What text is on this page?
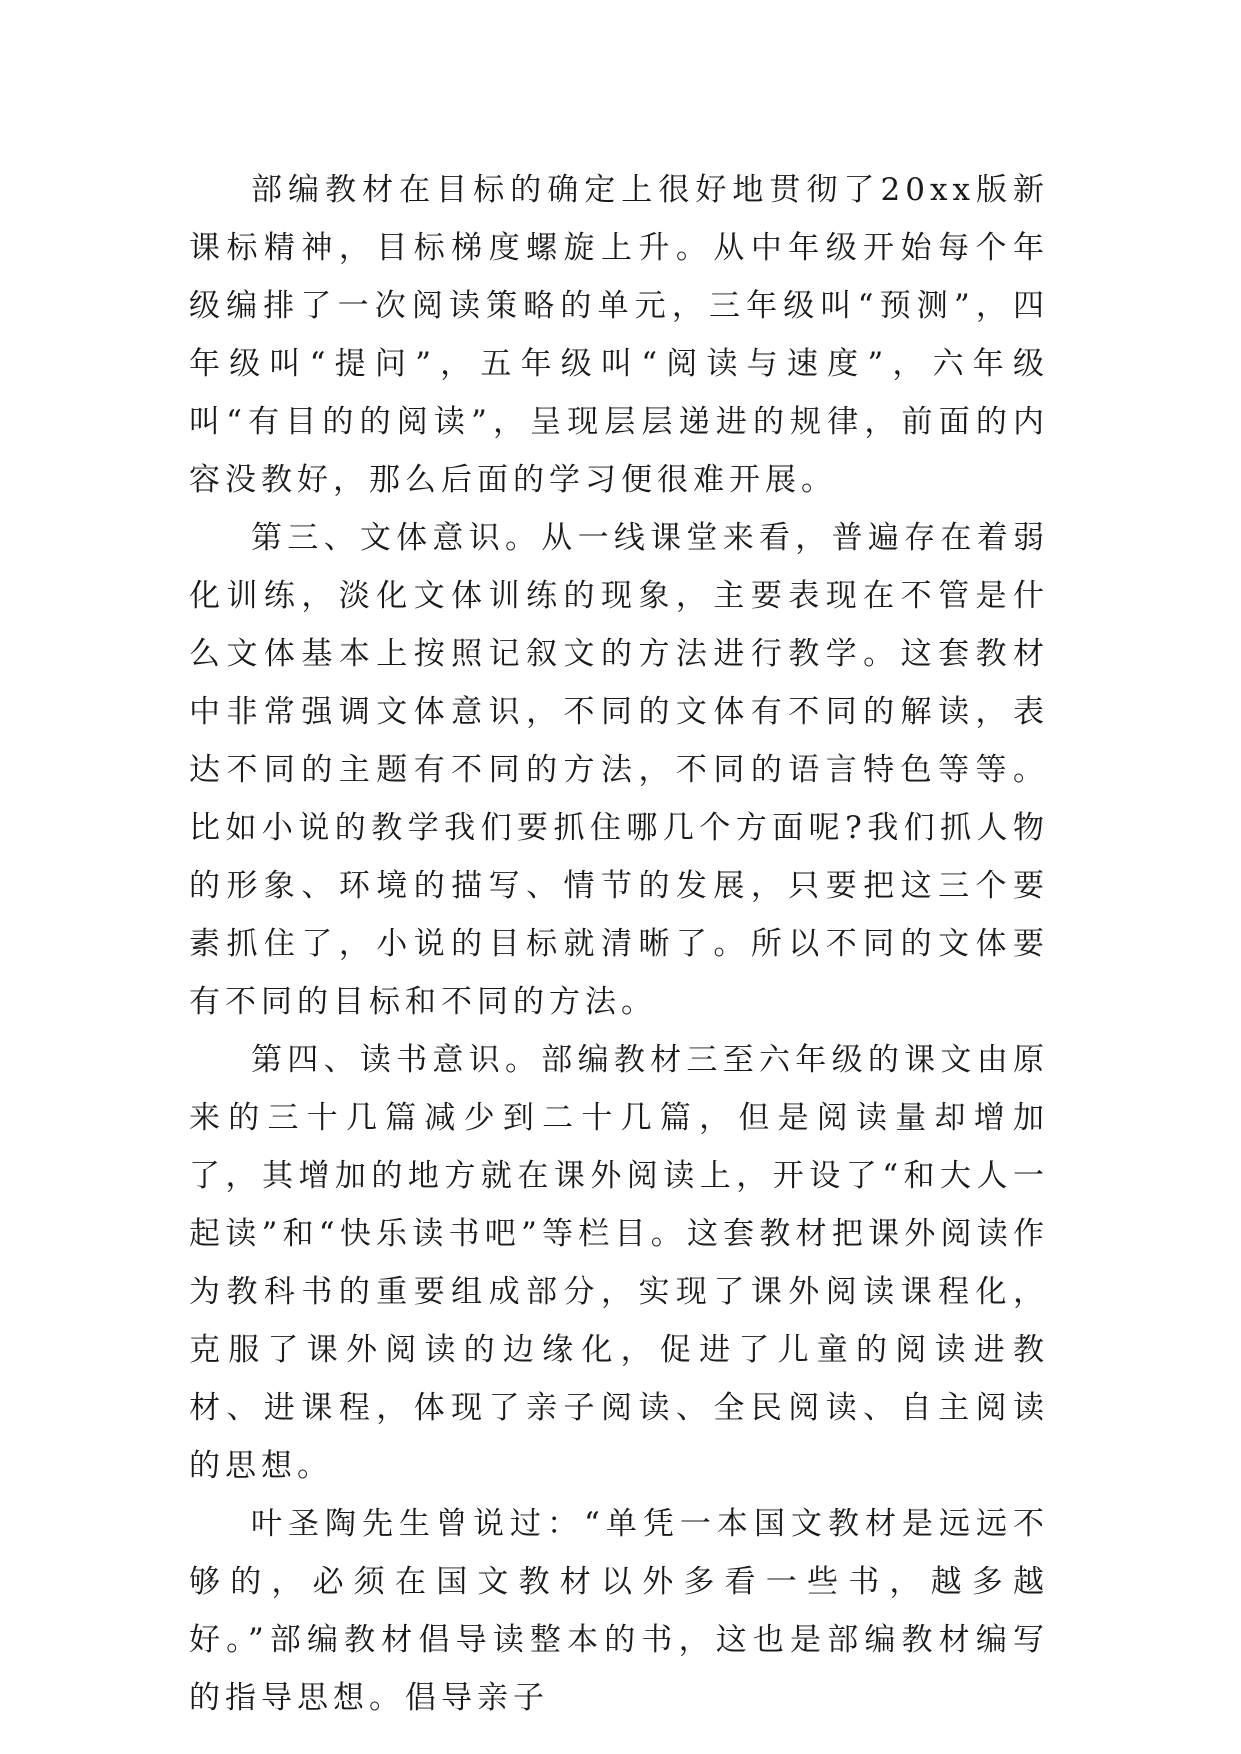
部编教材在目标的确定上很好地贯彻了20xx版新课标精神，目标梯度螺旋上升。从中年级开始每个年级编排了一次阅读策略的单元，三年级叫“预测”，四年级叫“提问”，五年级叫“阅读与速度”，六年级叫“有目的的阅读”，呈现层层递进的规律，前面的内容没教好，那么后面的学习便很难开展。

第三、文体意识。从一线课堂来看，普遍存在着弱化训练，淡化文体训练的现象，主要表现在不管是什么文体基本上按照记叙文的方法进行教学。这套教材中非常强调文体意识，不同的文体有不同的解读，表达不同的主题有不同的方法，不同的语言特色等等。比如小说的教学我们要抓住哪几个方面呢?我们抓人物的形象、环境的描写、情节的发展，只要把这三个要素抓住了，小说的目标就清晰了。所以不同的文体要有不同的目标和不同的方法。

第四、读书意识。部编教材三至六年级的课文由原来的三十几篇减少到二十几篇，但是阅读量却增加了，其增加的地方就在课外阅读上，开设了“和大人一起读”和“快乐读书吧”等栏目。这套教材把课外阅读作为教科书的重要组成部分，实现了课外阅读课程化，克服了课外阅读的边缘化，促进了儿童的阅读进教材、进课程，体现了亲子阅读、全民阅读、自主阅读的思想。

叶圣陶先生曾说过：“单凭一本国文教材是远远不够的，必须在国文教材以外多看一些书，越多越好。”部编教材倡导读整本的书，这也是部编教材编写的指导思想。倡导亲子
